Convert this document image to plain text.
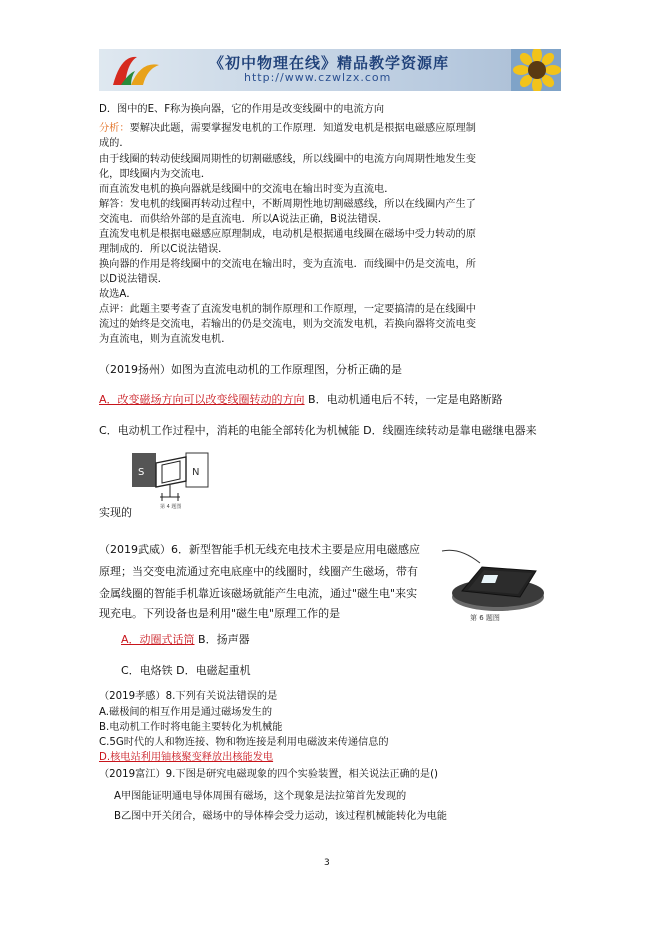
《初中物理在线》精品教学资源库
http://www.czwlzx.com
D．图中的E、F称为换向器，它的作用是改变线圈中的电流方向
分析：要解决此题，需要掌握发电机的工作原理．知道发电机是根据电磁感应原理制
成的．
由于线圈的转动使线圈周期性的切割磁感线，所以线圈中的电流方向周期性地发生变
化，即线圈内为交流电．
而直流发电机的换向器就是线圈中的交流电在输出时变为直流电．
解答：发电机的线圈再转动过程中，不断周期性地切割磁感线，所以在线圈内产生了
交流电．而供给外部的是直流电．所以A说法正确，B说法错误．
直流发电机是根据电磁感应原理制成，电动机是根据通电线圈在磁场中受力转动的原
理制成的．所以C说法错误．
换向器的作用是将线圈中的交流电在输出时，变为直流电．而线圈中仍是交流电，所
以D说法错误．
故选A．
点评：此题主要考查了直流发电机的制作原理和工作原理，一定要搞清的是在线圈中
流过的始终是交流电，若输出的仍是交流电，则为交流发电机，若换向器将交流电变
为直流电，则为直流发电机．
（2019扬州）如图为直流电动机的工作原理图，分析正确的是
A．改变磁场方向可以改变线圈转动的方向 B．电动机通电后不转，一定是电路断路
C．电动机工作过程中，消耗的电能全部转化为机械能 D．线圈连续转动是靠电磁继电器来
S	N
第 4 题图
实现的
（2019武威）6．新型智能手机无线充电技术主要是应用电磁感应
原理；当交变电流通过充电底座中的线圈时，线圈产生磁场，带有
金属线圈的智能手机靠近该磁场就能产生电流，通过"磁生电"来实
现充电。下列设备也是利用"磁生电"原理工作的是
A．动圈式话筒 B．扬声器
C．电烙铁 D．电磁起重机
第 6 题图
（2019孝感）8.下列有关说法错误的是
A.磁极间的相互作用是通过磁场发生的
B.电动机工作时将电能主要转化为机械能
C.5G时代的人和物连接、物和物连接是利用电磁波来传递信息的
D.核电站利用铀核聚变释放出核能发电
（2019富江）9.下图是研究电磁现象的四个实验装置，相关说法正确的是()
A甲图能证明通电导体周围有磁场，这个现象是法拉第首先发现的
B乙图中开关闭合，磁场中的导体棒会受力运动，该过程机械能转化为电能
3
